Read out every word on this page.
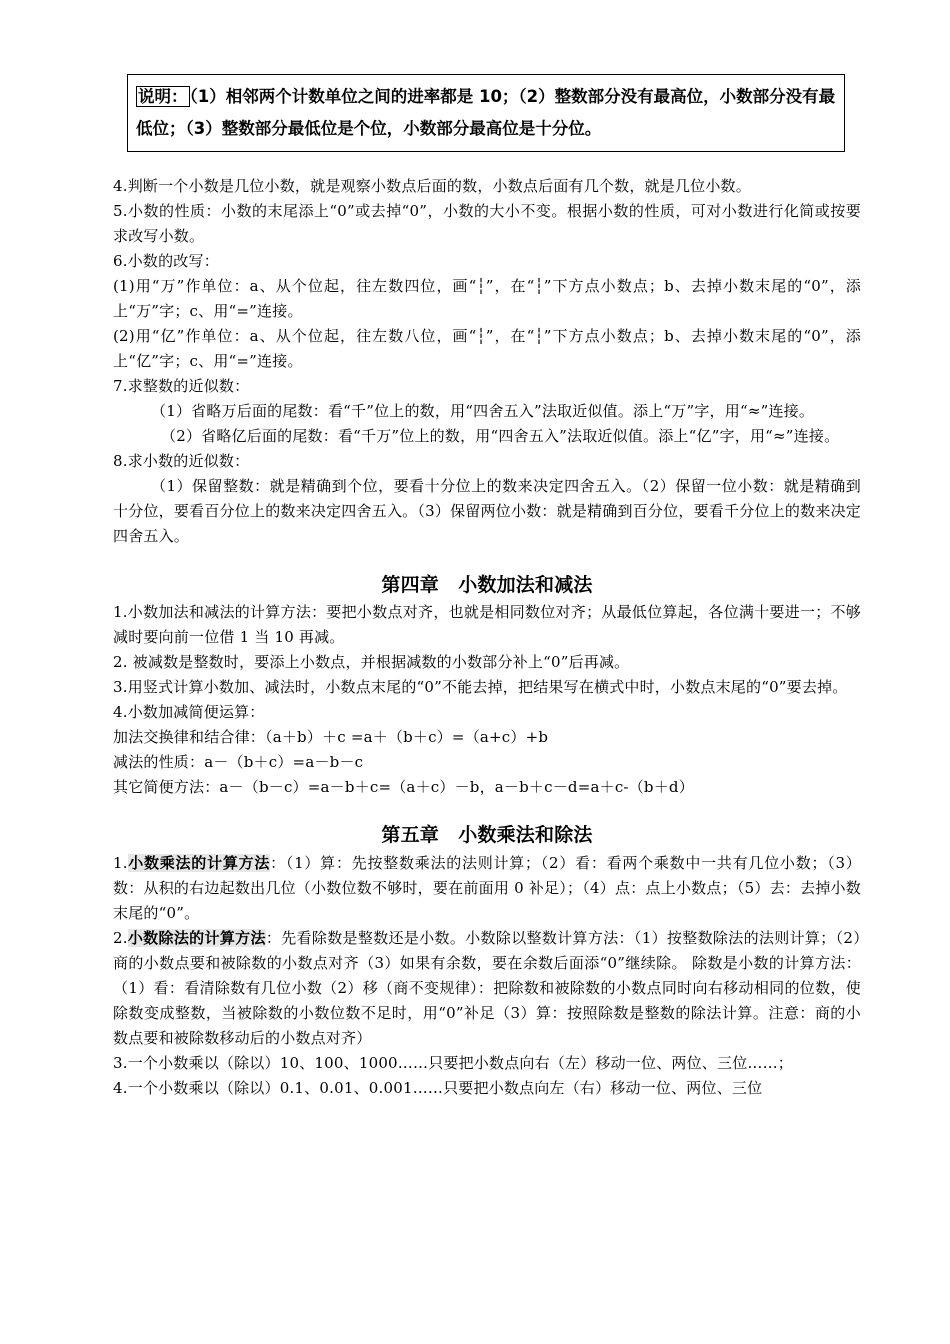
说明： （1）相邻两个计数单位之间的进率都是 10；（2）整数部分没有最高位，小数部分没有最低位；（3）整数部分最低位是个位，小数部分最高位是十分位。

4.判断一个小数是几位小数，就是观察小数点后面的数，小数点后面有几个数，就是几位小数。

5.小数的性质：小数的末尾添上“0”或去掉“0”，小数的大小不变。根据小数的性质，可对小数进行化简或按要求改写小数。

6.小数的改写：

(1)用“万”作单位：a、从个位起，往左数四位，画“┆”，在“┆”下方点小数点；b、去掉小数末尾的“0”，添上“万”字；c、用“=”连接。

(2)用“亿”作单位：a、从个位起，往左数八位，画“┆”，在“┆”下方点小数点；b、去掉小数末尾的“0”，添上“亿”字；c、用“=”连接。

7.求整数的近似数：

（1）省略万后面的尾数：看“千”位上的数，用“四舍五入”法取近似值。添上“万”字，用“≈”连接。

（2）省略亿后面的尾数：看“千万”位上的数，用“四舍五入”法取近似值。添上“亿”字，用“≈”连接。

8.求小数的近似数：

（1）保留整数：就是精确到个位，要看十分位上的数来决定四舍五入。（2）保留一位小数：就是精确到十分位，要看百分位上的数来决定四舍五入。（3）保留两位小数：就是精确到百分位，要看千分位上的数来决定四舍五入。

第四章　小数加法和减法

1.小数加法和减法的计算方法：要把小数点对齐，也就是相同数位对齐；从最低位算起，各位满十要进一；不够减时要向前一位借 1 当 10 再减。

2. 被减数是整数时，要添上小数点，并根据减数的小数部分补上“0”后再减。

3.用竖式计算小数加、减法时，小数点末尾的“0”不能去掉，把结果写在横式中时，小数点末尾的“0”要去掉。

4.小数加减简便运算：

加法交换律和结合律：（a＋b）＋c =a＋（b＋c）=（a+c）+b

减法的性质：a－（b＋c）=a－b－c

其它简便方法：a－（b－c）=a－b＋c=（a＋c）－b，a－b＋c－d=a＋c-（b＋d）

第五章　小数乘法和除法

1.小数乘法的计算方法：（1）算：先按整数乘法的法则计算；（2）看：看两个乘数中一共有几位小数；（3）数：从积的右边起数出几位（小数位数不够时，要在前面用 0 补足）；（4）点：点上小数点；（5）去：去掉小数末尾的“0”。

2.小数除法的计算方法：先看除数是整数还是小数。小数除以整数计算方法：（1）按整数除法的法则计算；（2）商的小数点要和被除数的小数点对齐（3）如果有余数，要在余数后面添“0”继续除。 除数是小数的计算方法：（1）看：看清除数有几位小数（2）移（商不变规律）：把除数和被除数的小数点同时向右移动相同的位数，使除数变成整数，当被除数的小数位数不足时，用“0”补足（3）算：按照除数是整数的除法计算。注意：商的小数点要和被除数移动后的小数点对齐）

3.一个小数乘以（除以）10、100、1000……只要把小数点向右（左）移动一位、两位、三位……；

4.一个小数乘以（除以）0.1、0.01、0.001……只要把小数点向左（右）移动一位、两位、三位
